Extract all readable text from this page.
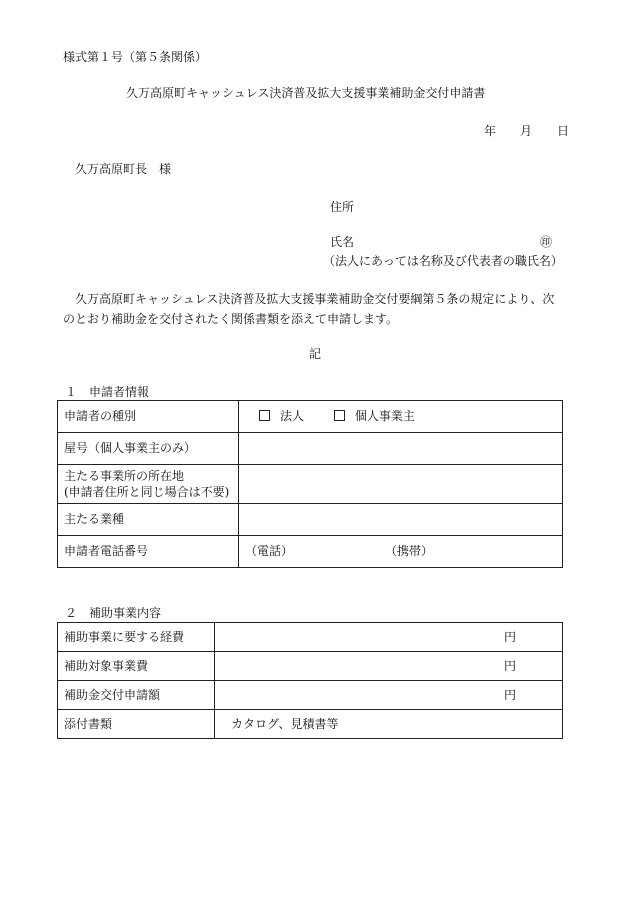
様式第１号（第５条関係）
久万高原町キャッシュレス決済普及拡大支援事業補助金交付申請書
年 月 日
久万高原町長　様
住所
氏名	㊞
（法人にあっては名称及び代表者の職氏名）
久万高原町キャッシュレス決済普及拡大支援事業補助金交付要綱第５条の規定により、次
のとおり補助金を交付されたく関係書類を添えて申請します。
記
１　申請者情報
申請者の種別	法人 個人事業主
屋号（個人事業主のみ）	

主たる事業所の所在地
(申請者住所と同じ場合は不要)	

主たる業種	
申請者電話番号	（電話） （携帯）
２　補助事業内容
補助事業に要する経費	円
補助対象事業費	円
補助金交付申請額	円
添付書類	カタログ、見積書等
